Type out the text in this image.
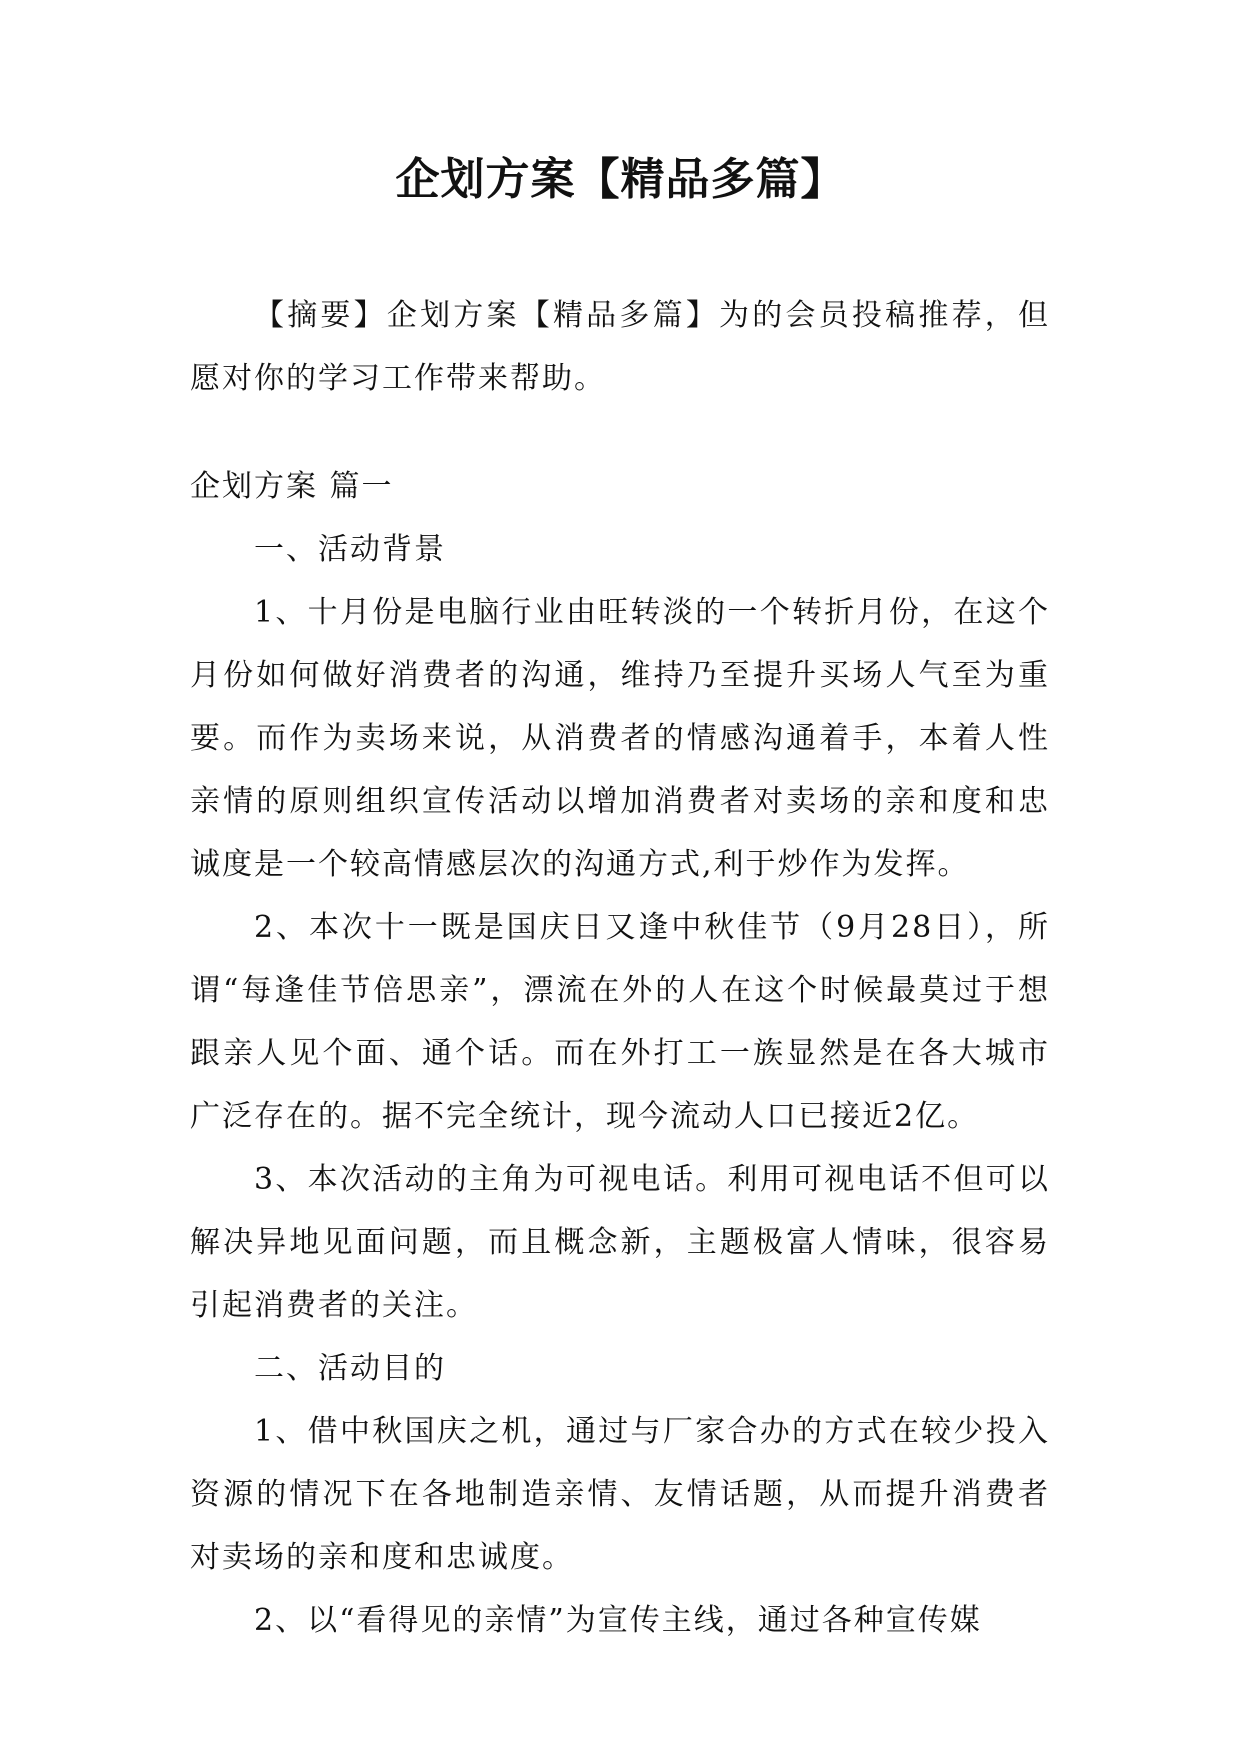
企划方案【精品多篇】

【摘要】企划方案【精品多篇】为的会员投稿推荐，但愿对你的学习工作带来帮助。

企划方案 篇一

一、活动背景

1、十月份是电脑行业由旺转淡的一个转折月份，在这个月份如何做好消费者的沟通，维持乃至提升买场人气至为重要。而作为卖场来说，从消费者的情感沟通着手，本着人性亲情的原则组织宣传活动以增加消费者对卖场的亲和度和忠诚度是一个较高情感层次的沟通方式,利于炒作为发挥。

2、本次十一既是国庆日又逢中秋佳节（9月28日），所谓“每逢佳节倍思亲”，漂流在外的人在这个时候最莫过于想跟亲人见个面、通个话。而在外打工一族显然是在各大城市广泛存在的。据不完全统计，现今流动人口已接近2亿。

3、本次活动的主角为可视电话。利用可视电话不但可以解决异地见面问题，而且概念新，主题极富人情味，很容易引起消费者的关注。

二、活动目的

1、借中秋国庆之机，通过与厂家合办的方式在较少投入资源的情况下在各地制造亲情、友情话题，从而提升消费者对卖场的亲和度和忠诚度。

2、以“看得见的亲情”为宣传主线，通过各种宣传媒
